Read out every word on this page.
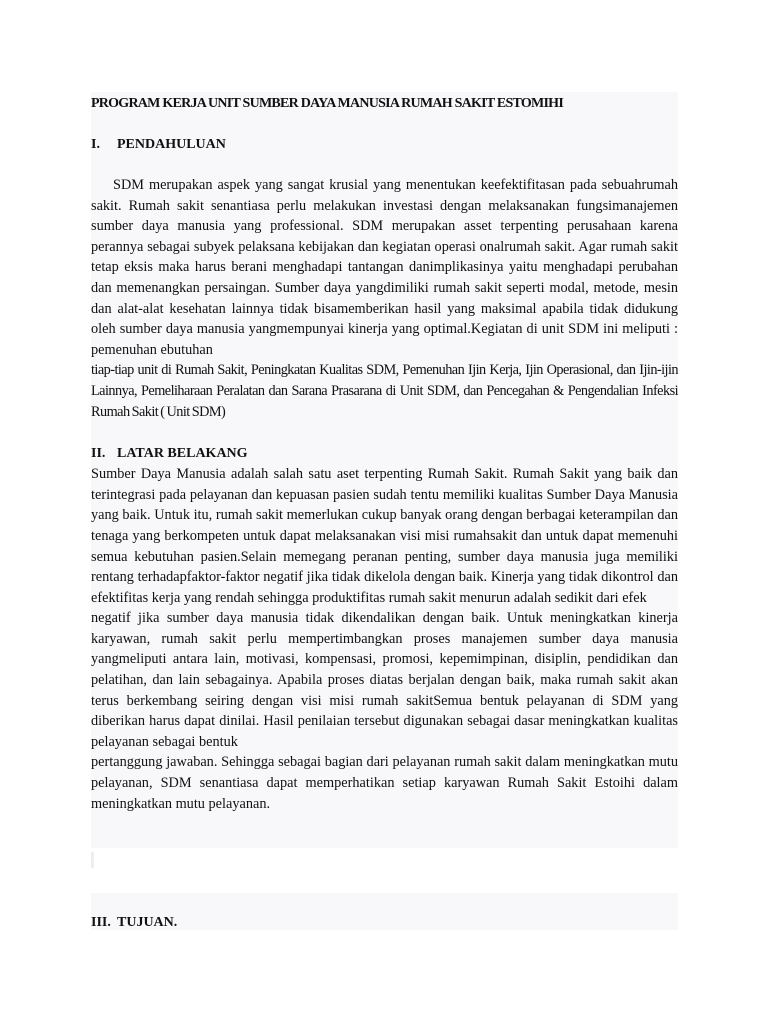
PROGRAM KERJA UNIT SUMBER DAYA MANUSIA RUMAH SAKIT ESTOMIHI
I. PENDAHULUAN

SDM merupakan aspek yang sangat krusial yang menentukan keefektifitasan pada sebuahrumah sakit. Rumah sakit senantiasa perlu melakukan investasi dengan melaksanakan fungsimanajemen sumber daya manusia yang professional. SDM merupakan asset terpenting perusahaan karena perannya sebagai subyek pelaksana kebijakan dan kegiatan operasi onalrumah sakit. Agar rumah sakit tetap eksis maka harus berani menghadapi tantangan danimplikasinya yaitu menghadapi perubahan dan memenangkan persaingan. Sumber daya yangdimiliki rumah sakit seperti modal, metode, mesin dan alat-alat kesehatan lainnya tidak bisamemberikan hasil yang maksimal apabila tidak didukung oleh sumber daya manusia yangmempunyai kinerja yang optimal.Kegiatan di unit SDM ini meliputi : pemenuhan ebutuhan

tiap-tiap unit di Rumah Sakit, Peningkatan Kualitas SDM, Pemenuhan Ijin Kerja, Ijin Operasional, dan Ijin-ijin Lainnya, Pemeliharaan Peralatan dan Sarana Prasarana di Unit SDM, dan Pencegahan & Pengendalian Infeksi Rumah Sakit ( Unit SDM)

II. LATAR BELAKANG

Sumber Daya Manusia adalah salah satu aset terpenting Rumah Sakit. Rumah Sakit yang baik dan terintegrasi pada pelayanan dan kepuasan pasien sudah tentu memiliki kualitas Sumber Daya Manusia yang baik. Untuk itu, rumah sakit memerlukan cukup banyak orang dengan berbagai keterampilan dan tenaga yang berkompeten untuk dapat melaksanakan visi misi rumahsakit dan untuk dapat memenuhi semua kebutuhan pasien.Selain memegang peranan penting, sumber daya manusia juga memiliki rentang terhadapfaktor-faktor negatif jika tidak dikelola dengan baik. Kinerja yang tidak dikontrol dan efektifitas kerja yang rendah sehingga produktifitas rumah sakit menurun adalah sedikit dari efek

negatif jika sumber daya manusia tidak dikendalikan dengan baik. Untuk meningkatkan kinerja karyawan, rumah sakit perlu mempertimbangkan proses manajemen sumber daya manusia yangmeliputi antara lain, motivasi, kompensasi, promosi, kepemimpinan, disiplin, pendidikan dan pelatihan, dan lain sebagainya. Apabila proses diatas berjalan dengan baik, maka rumah sakit akan terus berkembang seiring dengan visi misi rumah sakitSemua bentuk pelayanan di SDM yang diberikan harus dapat dinilai. Hasil penilaian tersebut digunakan sebagai dasar meningkatkan kualitas pelayanan sebagai bentuk

pertanggung jawaban. Sehingga sebagai bagian dari pelayanan rumah sakit dalam meningkatkan mutu pelayanan, SDM senantiasa dapat memperhatikan setiap karyawan Rumah Sakit Estoihi dalam meningkatkan mutu pelayanan.

III. TUJUAN.
